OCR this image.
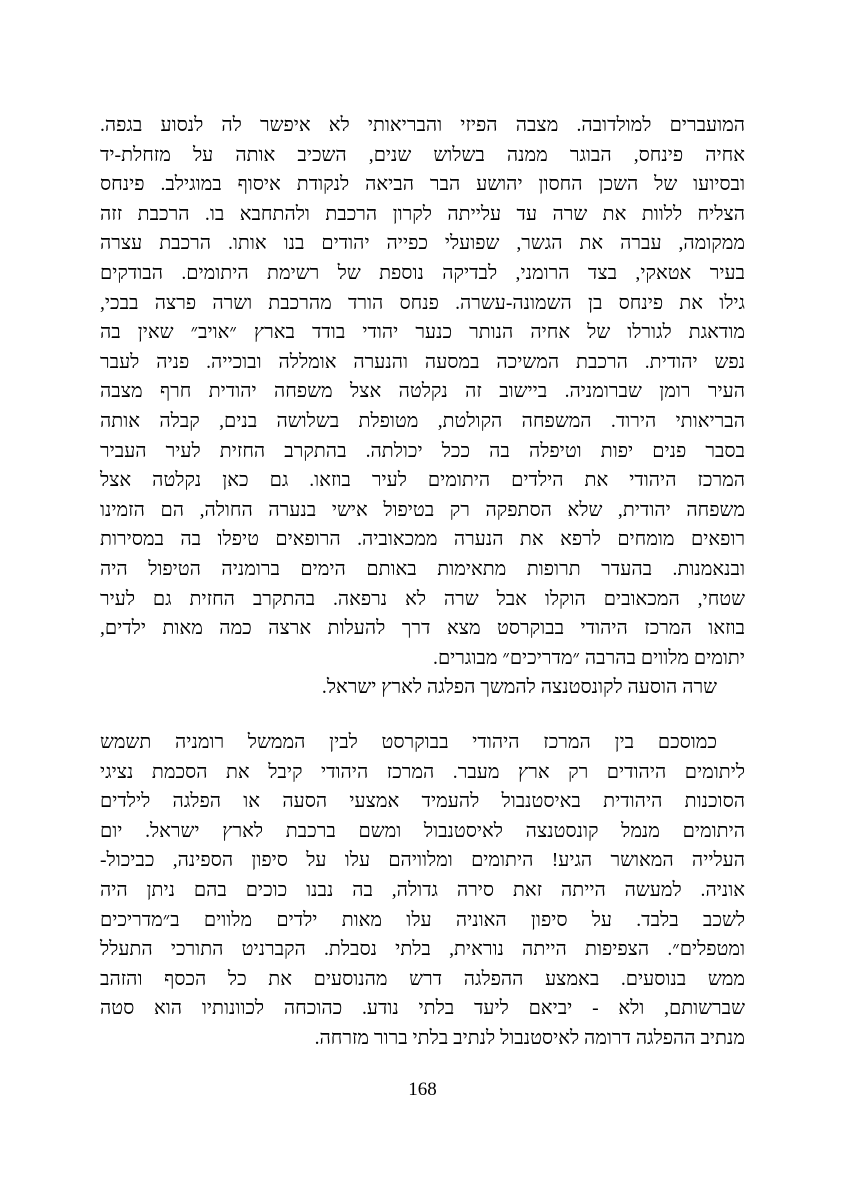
המועברים למולדובה. מצבה הפיזי והבריאותי לא איפשר לה לנסוע בגפה.
אחיה פינחס, הבוגר ממנה בשלוש שנים, השכיב אותה על מזחלת-יד
ובסיועו של השכן החסון יהושע הבר הביאה לנקודת איסוף במוגילב. פינחס
הצליח ללוות את שרה עד עלייתה לקרון הרכבת ולהתחבא בו. הרכבת זזה
ממקומה, עברה את הגשר, שפועלי כפייה יהודים בנו אותו. הרכבת עצרה
בעיר אטאקי, בצד הרומני, לבדיקה נוספת של רשימת היתומים. הבודקים
גילו את פינחס בן השמונה-עשרה. פנחס הורד מהרכבת ושרה פרצה בבכי,
מודאגת לגורלו של אחיה הנותר כנער יהודי בודד בארץ ״אויב״ שאין בה
נפש יהודית. הרכבת המשיכה במסעה והנערה אומללה ובוכייה. פניה לעבר
העיר רומן שברומניה. ביישוב זה נקלטה אצל משפחה יהודית חרף מצבה
הבריאותי הירוד. המשפחה הקולטת, מטופלת בשלושה בנים, קבלה אותה
בסבר פנים יפות וטיפלה בה ככל יכולתה. בהתקרב החזית לעיר העביר
המרכז היהודי את הילדים היתומים לעיר בוזאו. גם כאן נקלטה אצל
משפחה יהודית, שלא הסתפקה רק בטיפול אישי בנערה החולה, הם הזמינו
רופאים מומחים לרפא את הנערה ממכאוביה. הרופאים טיפלו בה במסירות
ובנאמנות. בהעדר תרופות מתאימות באותם הימים ברומניה הטיפול היה
שטחי, המכאובים הוקלו אבל שרה לא נרפאה. בהתקרב החזית גם לעיר
בוזאו המרכז היהודי בבוקרסט מצא דרך להעלות ארצה כמה מאות ילדים,
יתומים מלווים בהרבה ״מדריכים״ מבוגרים.
שרה הוסעה לקונסטנצה להמשך הפלגה לארץ ישראל.
כמוסכם בין המרכז היהודי בבוקרסט לבין הממשל רומניה תשמש
ליתומים היהודים רק ארץ מעבר. המרכז היהודי קיבל את הסכמת נציגי
הסוכנות היהודית באיסטנבול להעמיד אמצעי הסעה או הפלגה לילדים
היתומים מנמל קונסטנצה לאיסטנבול ומשם ברכבת לארץ ישראל. יום
העלייה המאושר הגיע! היתומים ומלוויהם עלו על סיפון הספינה, כביכול-
אוניה. למעשה הייתה זאת סירה גדולה, בה נבנו כוכים בהם ניתן היה
לשכב בלבד. על סיפון האוניה עלו מאות ילדים מלווים ב״מדריכים
ומטפלים״. הצפיפות הייתה נוראית, בלתי נסבלת. הקברניט התורכי התעלל
ממש בנוסעים. באמצע ההפלגה דרש מהנוסעים את כל הכסף והזהב
שברשותם, ולא - יביאם ליעד בלתי נודע. כהוכחה לכוונותיו הוא סטה
מנתיב ההפלגה דרומה לאיסטנבול לנתיב בלתי ברור מזרחה.
168
